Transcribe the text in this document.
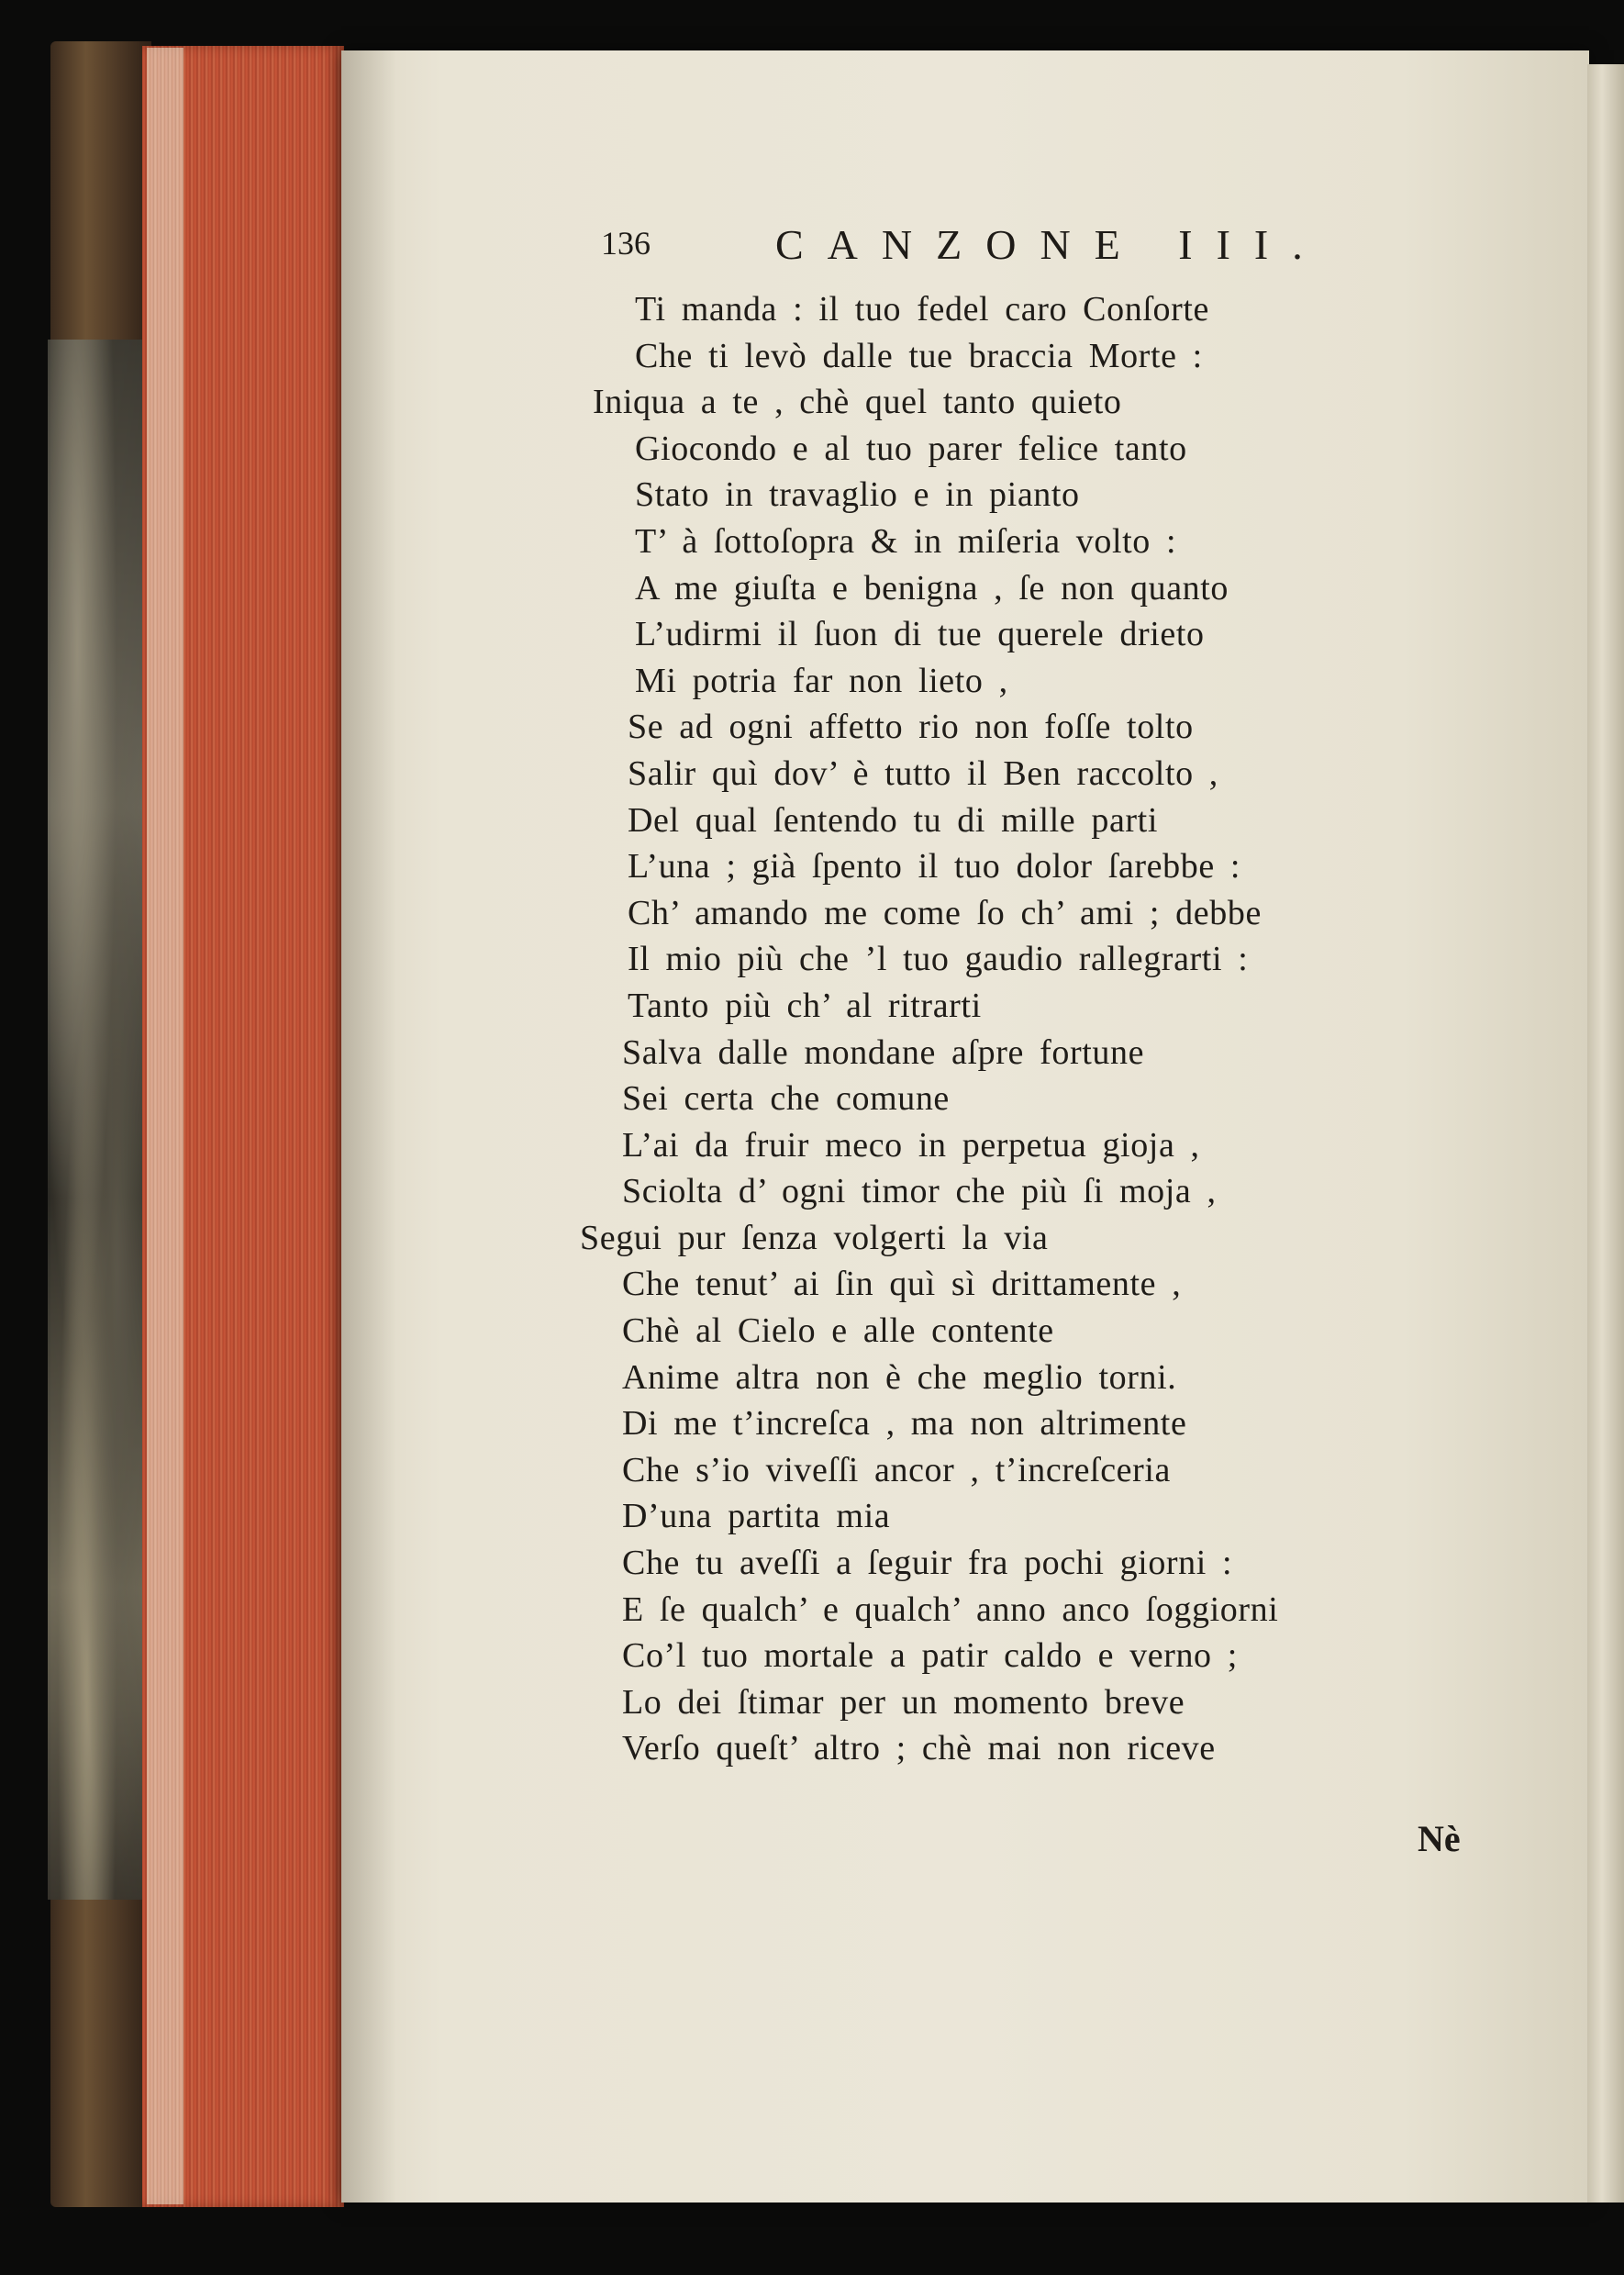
136	CANZONE III.
Ti manda : il tuo fedel caro Conſorte
Che ti levò dalle tue braccia Morte :
Iniqua a te , chè quel tanto quieto
Giocondo e al tuo parer felice tanto
Stato in travaglio e in pianto
T’ à ſottoſopra & in miſeria volto :
A me giuſta e benigna , ſe non quanto
L’udirmi il ſuon di tue querele drieto
Mi potria far non lieto ,
Se ad ogni affetto rio non foſſe tolto
Salir quì dov’ è tutto il Ben raccolto ,
Del qual ſentendo tu di mille parti
L’una ; già ſpento il tuo dolor ſarebbe :
Ch’ amando me come ſo ch’ ami ; debbe
Il mio più che ’l tuo gaudio rallegrarti :
Tanto più ch’ al ritrarti
Salva dalle mondane aſpre fortune
Sei certa che comune
L’ai da fruir meco in perpetua gioja ,
Sciolta d’ ogni timor che più ſi moja ,
Segui pur ſenza volgerti la via
Che tenut’ ai ſin quì sì drittamente ,
Chè al Cielo e alle contente
Anime altra non è che meglio torni.
Di me t’increſca , ma non altrimente
Che s’io viveſſi ancor , t’increſceria
D’una partita mia
Che tu aveſſi a ſeguir fra pochi giorni :
E ſe qualch’ e qualch’ anno anco ſoggiorni
Co’l tuo mortale a patir caldo e verno ;
Lo dei ſtimar per un momento breve
Verſo queſt’ altro ; chè mai non riceve
Nè
